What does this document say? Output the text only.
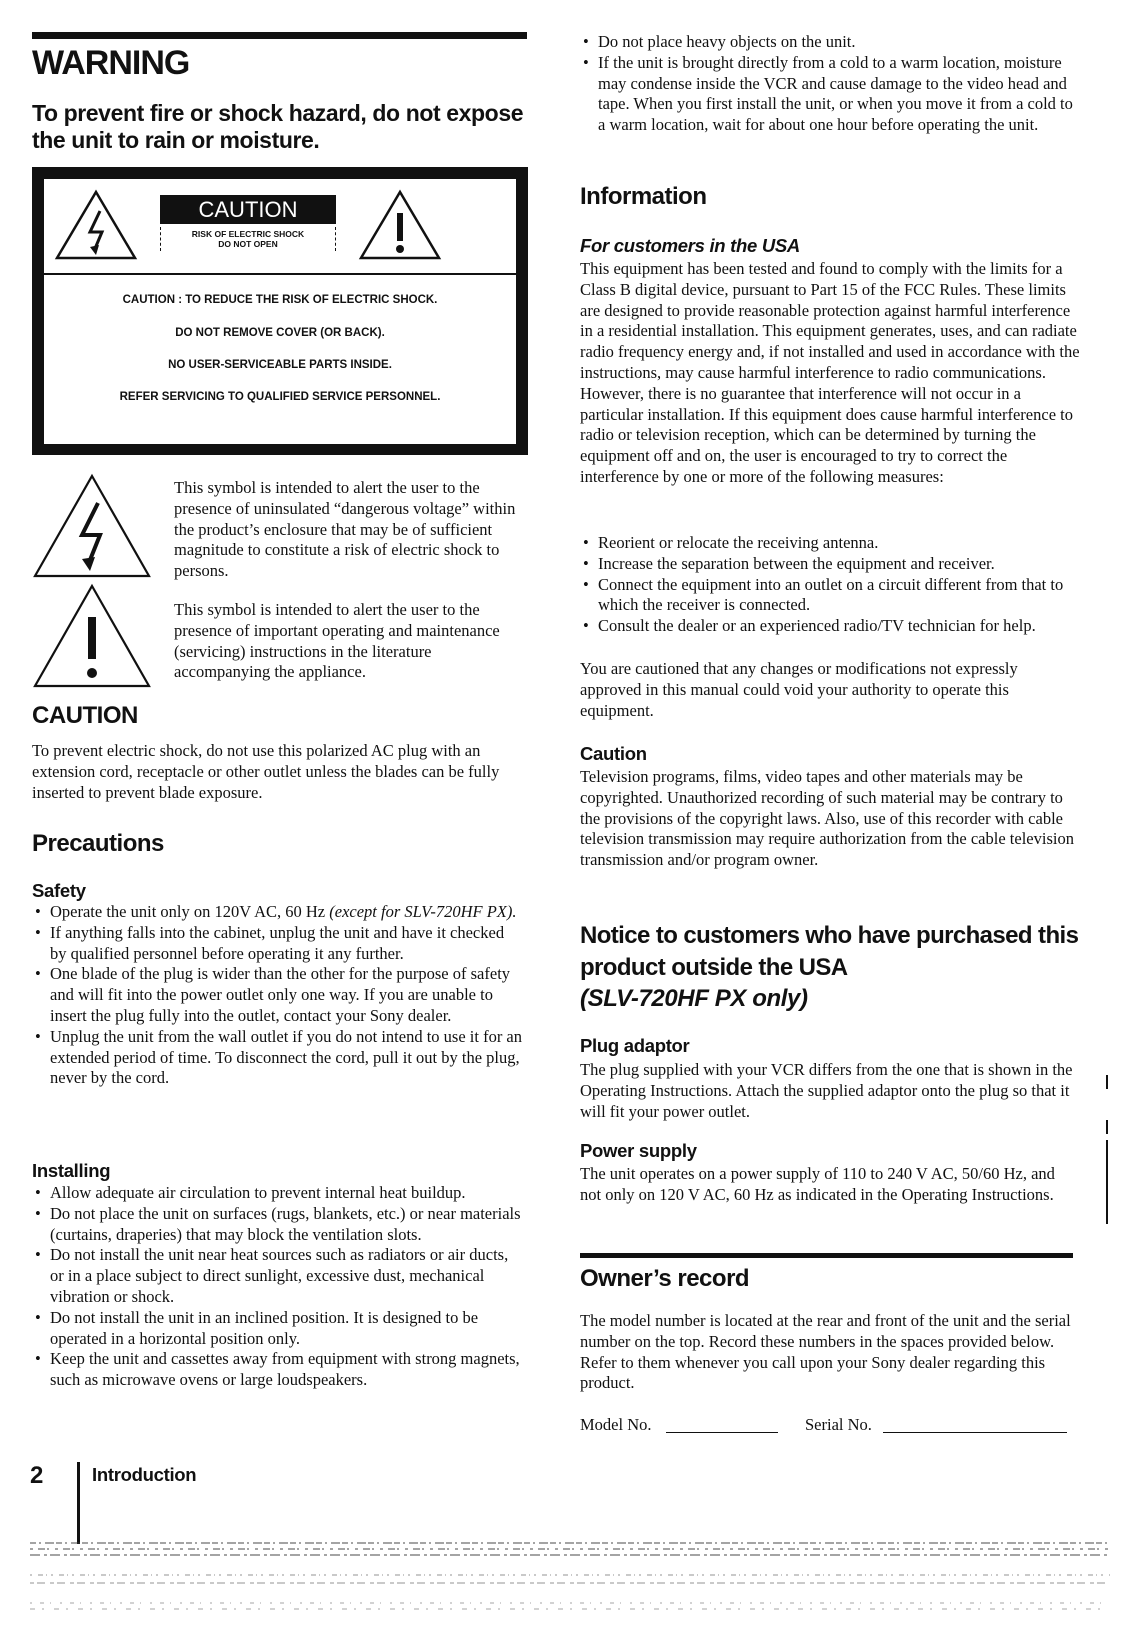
WARNING
To prevent fire or shock hazard, do not expose the unit to rain or moisture.
CAUTION
RISK OF ELECTRIC SHOCK
DO NOT OPEN
CAUTION : TO REDUCE THE RISK OF ELECTRIC SHOCK.
DO NOT REMOVE COVER (OR BACK).
NO USER-SERVICEABLE PARTS INSIDE.
REFER SERVICING TO QUALIFIED SERVICE PERSONNEL.
This symbol is intended to alert the user to the presence of uninsulated “dangerous voltage” within the product’s enclosure that may be of sufficient magnitude to constitute a risk of electric shock to persons.
This symbol is intended to alert the user to the presence of important operating and maintenance (servicing) instructions in the literature accompanying the appliance.
CAUTION
To prevent electric shock, do not use this polarized AC plug with an extension cord, receptacle or other outlet unless the blades can be fully inserted to prevent blade exposure.
Precautions
Safety
• Operate the unit only on 120V AC, 60 Hz (except for SLV-720HF PX).
• If anything falls into the cabinet, unplug the unit and have it checked by qualified personnel before operating it any further.
• One blade of the plug is wider than the other for the purpose of safety and will fit into the power outlet only one way. If you are unable to insert the plug fully into the outlet, contact your Sony dealer.
• Unplug the unit from the wall outlet if you do not intend to use it for an extended period of time. To disconnect the cord, pull it out by the plug, never by the cord.
Installing
• Allow adequate air circulation to prevent internal heat buildup.
• Do not place the unit on surfaces (rugs, blankets, etc.) or near materials (curtains, draperies) that may block the ventilation slots.
• Do not install the unit near heat sources such as radiators or air ducts, or in a place subject to direct sunlight, excessive dust, mechanical vibration or shock.
• Do not install the unit in an inclined position. It is designed to be operated in a horizontal position only.
• Keep the unit and cassettes away from equipment with strong magnets, such as microwave ovens or large loudspeakers.
2	Introduction
• Do not place heavy objects on the unit.
• If the unit is brought directly from a cold to a warm location, moisture may condense inside the VCR and cause damage to the video head and tape. When you first install the unit, or when you move it from a cold to a warm location, wait for about one hour before operating the unit.
Information
For customers in the USA
This equipment has been tested and found to comply with the limits for a Class B digital device, pursuant to Part 15 of the FCC Rules. These limits are designed to provide reasonable protection against harmful interference in a residential installation. This equipment generates, uses, and can radiate radio frequency energy and, if not installed and used in accordance with the instructions, may cause harmful interference to radio communications. However, there is no guarantee that interference will not occur in a particular installation. If this equipment does cause harmful interference to radio or television reception, which can be determined by turning the equipment off and on, the user is encouraged to try to correct the interference by one or more of the following measures:
• Reorient or relocate the receiving antenna.
• Increase the separation between the equipment and receiver.
• Connect the equipment into an outlet on a circuit different from that to which the receiver is connected.
• Consult the dealer or an experienced radio/TV technician for help.
You are cautioned that any changes or modifications not expressly approved in this manual could void your authority to operate this equipment.
Caution
Television programs, films, video tapes and other materials may be copyrighted. Unauthorized recording of such material may be contrary to the provisions of the copyright laws. Also, use of this recorder with cable television transmission may require authorization from the cable television transmission and/or program owner.
Notice to customers who have purchased this product outside the USA
(SLV-720HF PX only)
Plug adaptor
The plug supplied with your VCR differs from the one that is shown in the Operating Instructions. Attach the supplied adaptor onto the plug so that it will fit your power outlet.
Power supply
The unit operates on a power supply of 110 to 240 V AC, 50/60 Hz, and not only on 120 V AC, 60 Hz as indicated in the Operating Instructions.
Owner’s record
The model number is located at the rear and front of the unit and the serial number on the top. Record these numbers in the spaces provided below. Refer to them whenever you call upon your Sony dealer regarding this product.
Model No.	Serial No.
